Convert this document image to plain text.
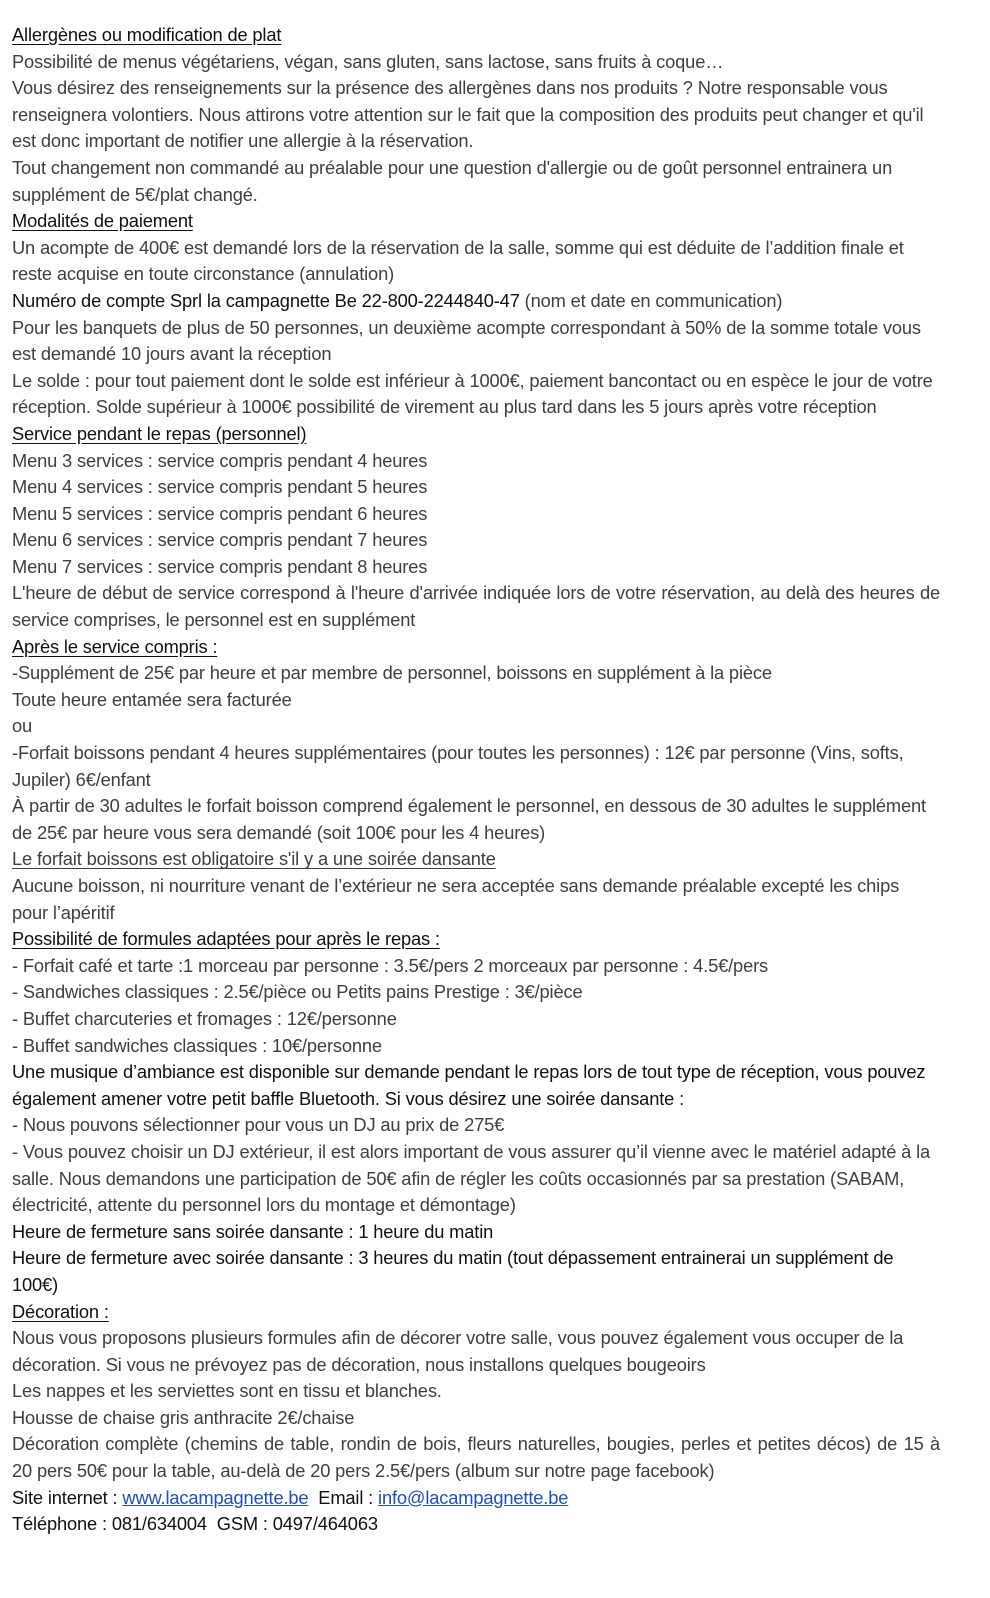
Allergènes ou modification de plat
Possibilité de menus végétariens, végan, sans gluten, sans lactose, sans fruits à coque…
Vous désirez des renseignements sur la présence des allergènes dans nos produits ? Notre responsable vous renseignera volontiers. Nous attirons votre attention sur le fait que la composition des produits peut changer et qu'il est donc important de notifier une allergie à la réservation.
Tout changement non commandé au préalable pour une question d'allergie ou de goût personnel entrainera un supplément de 5€/plat changé.
Modalités de paiement
Un acompte de 400€ est demandé lors de la réservation de la salle, somme qui est déduite de l’addition finale et reste acquise en toute circonstance (annulation)
Numéro de compte Sprl la campagnette Be 22-800-2244840-47 (nom et date en communication)
Pour les banquets de plus de 50 personnes, un deuxième acompte correspondant à 50% de la somme totale vous est demandé 10 jours avant la réception
Le solde : pour tout paiement dont le solde est inférieur à 1000€, paiement bancontact ou en espèce le jour de votre réception. Solde supérieur à 1000€ possibilité de virement au plus tard dans les 5 jours après votre réception
Service pendant le repas (personnel)
Menu 3 services : service compris pendant 4 heures
Menu 4 services : service compris pendant 5 heures
Menu 5 services : service compris pendant 6 heures
Menu 6 services : service compris pendant 7 heures
Menu 7 services : service compris pendant 8 heures
L'heure de début de service correspond à l'heure d'arrivée indiquée lors de votre réservation, au delà des heures de service comprises, le personnel est en supplément
Après le service compris :
-Supplément de 25€ par heure et par membre de personnel, boissons en supplément à la pièce
Toute heure entamée sera facturée
ou
-Forfait boissons pendant 4 heures supplémentaires (pour toutes les personnes) : 12€ par personne (Vins, softs, Jupiler) 6€/enfant
À partir de 30 adultes le forfait boisson comprend également le personnel, en dessous de 30 adultes le supplément de 25€ par heure vous sera demandé (soit 100€ pour les 4 heures)
Le forfait boissons est obligatoire s'il y a une soirée dansante
Aucune boisson, ni nourriture venant de l’extérieur ne sera acceptée sans demande préalable excepté les chips pour l’apéritif
Possibilité de formules adaptées pour après le repas :
- Forfait café et tarte :1 morceau par personne : 3.5€/pers 2 morceaux par personne : 4.5€/pers
- Sandwiches classiques : 2.5€/pièce ou Petits pains Prestige : 3€/pièce
- Buffet charcuteries et fromages : 12€/personne
- Buffet sandwiches classiques : 10€/personne
Une musique d’ambiance est disponible sur demande pendant le repas lors de tout type de réception, vous pouvez également amener votre petit baffle Bluetooth. Si vous désirez une soirée dansante :
- Nous pouvons sélectionner pour vous un DJ au prix de 275€
- Vous pouvez choisir un DJ extérieur, il est alors important de vous assurer qu’il vienne avec le matériel adapté à la salle. Nous demandons une participation de 50€ afin de régler les coûts occasionnés par sa prestation (SABAM, électricité, attente du personnel lors du montage et démontage)
Heure de fermeture sans soirée dansante : 1 heure du matin
Heure de fermeture avec soirée dansante : 3 heures du matin (tout dépassement entrainerai un supplément de 100€)
Décoration :
Nous vous proposons plusieurs formules afin de décorer votre salle, vous pouvez également vous occuper de la décoration. Si vous ne prévoyez pas de décoration, nous installons quelques bougeoirs
Les nappes et les serviettes sont en tissu et blanches.
Housse de chaise gris anthracite 2€/chaise
Décoration complète (chemins de table, rondin de bois, fleurs naturelles, bougies, perles et petites décos) de 15 à 20 pers 50€ pour la table, au-delà de 20 pers 2.5€/pers (album sur notre page facebook)
Site internet : www.lacampagnette.be  Email : info@lacampagnette.be
Téléphone : 081/634004  GSM : 0497/464063
